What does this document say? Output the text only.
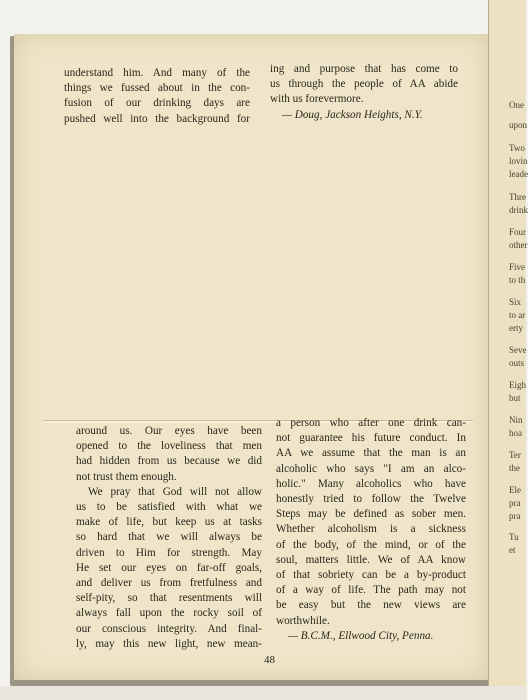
understand him. And many of the

things we fussed about in the con-

fusion of our drinking days are

pushed well into the background for

ing and purpose that has come to

us through the people of AA abide

with us forevermore.

— Doug, Jackson Heights, N.Y.

around us. Our eyes have been

opened to the loveliness that men

had hidden from us because we did

not trust them enough.

We pray that God will not allow

us to be satisfied with what we

make of life, but keep us at tasks

so hard that we will always be

driven to Him for strength. May

He set our eyes on far-off goals,

and deliver us from fretfulness and

self-pity, so that resentments will

always fall upon the rocky soil of

our conscious integrity. And final-

ly, may this new light, new mean-

a person who after one drink can-

not guarantee his future conduct. In

AA we assume that the man is an

alcoholic who says "I am an alco-

holic." Many alcoholics who have

honestly tried to follow the Twelve

Steps may be defined as sober men.

Whether alcoholism is a sickness

of the body, of the mind, or of the

soul, matters little. We of AA know

of that sobriety can be a by-product

of a way of life. The path may not

be easy but the new views are

worthwhile.

— B.C.M., Ellwood City, Penna.

48
One
upon
Two
lovin
leade
Thre
drink
Four
other
Five
to th
Six
to ar
erty
Seve
outs
Eigh
but
Nin
hoa
Ter
the
Ele
pra
pra
Tu
et
